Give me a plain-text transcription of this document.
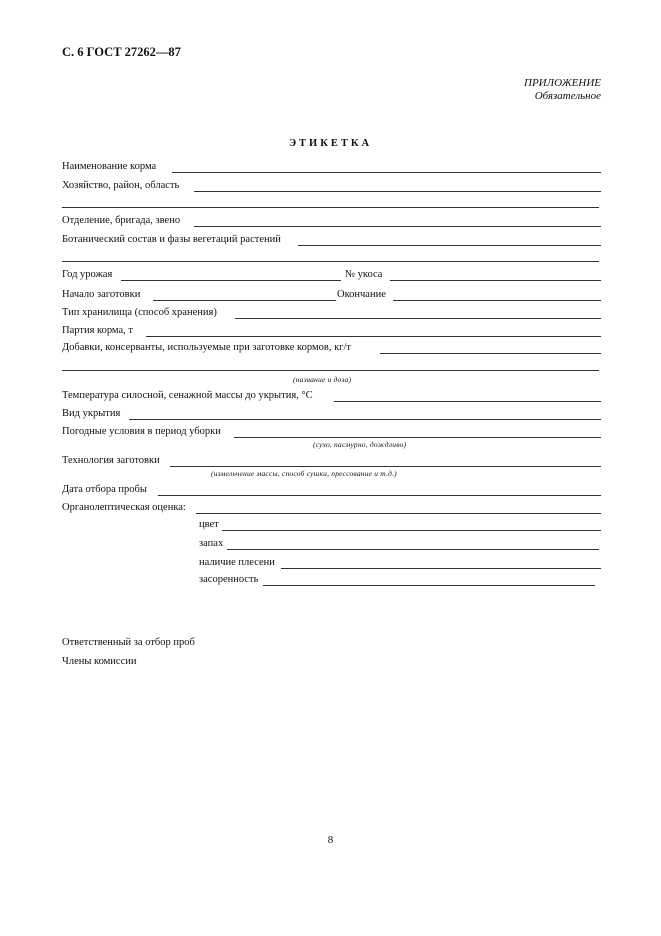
С. 6 ГОСТ 27262—87
ПРИЛОЖЕНИЕ
Обязательное
ЭТИКЕТКА
Наименование корма
Хозяйство, район, область
Отделение, бригада, звено
Ботанический состав и фазы вегетаций растений
Год урожая	№ укоса
Начало заготовки	Окончание
Тип хранилища (способ хранения)
Партия корма, т
Добавки, консерванты, используемые при заготовке кормов, кг/т
(название и доза)
Температура силосной, сенажной массы до укрытия, °С
Вид укрытия
Погодные условия в период уборки
(сухо, пасмурно, дождливо)
Технология заготовки
(измельчение массы, способ сушки, прессование и т.д.)
Дата отбора пробы
Органолептическая оценка:
цвет
запах
наличие плесени
засоренность
Ответственный за отбор проб
Члены комиссии
8
